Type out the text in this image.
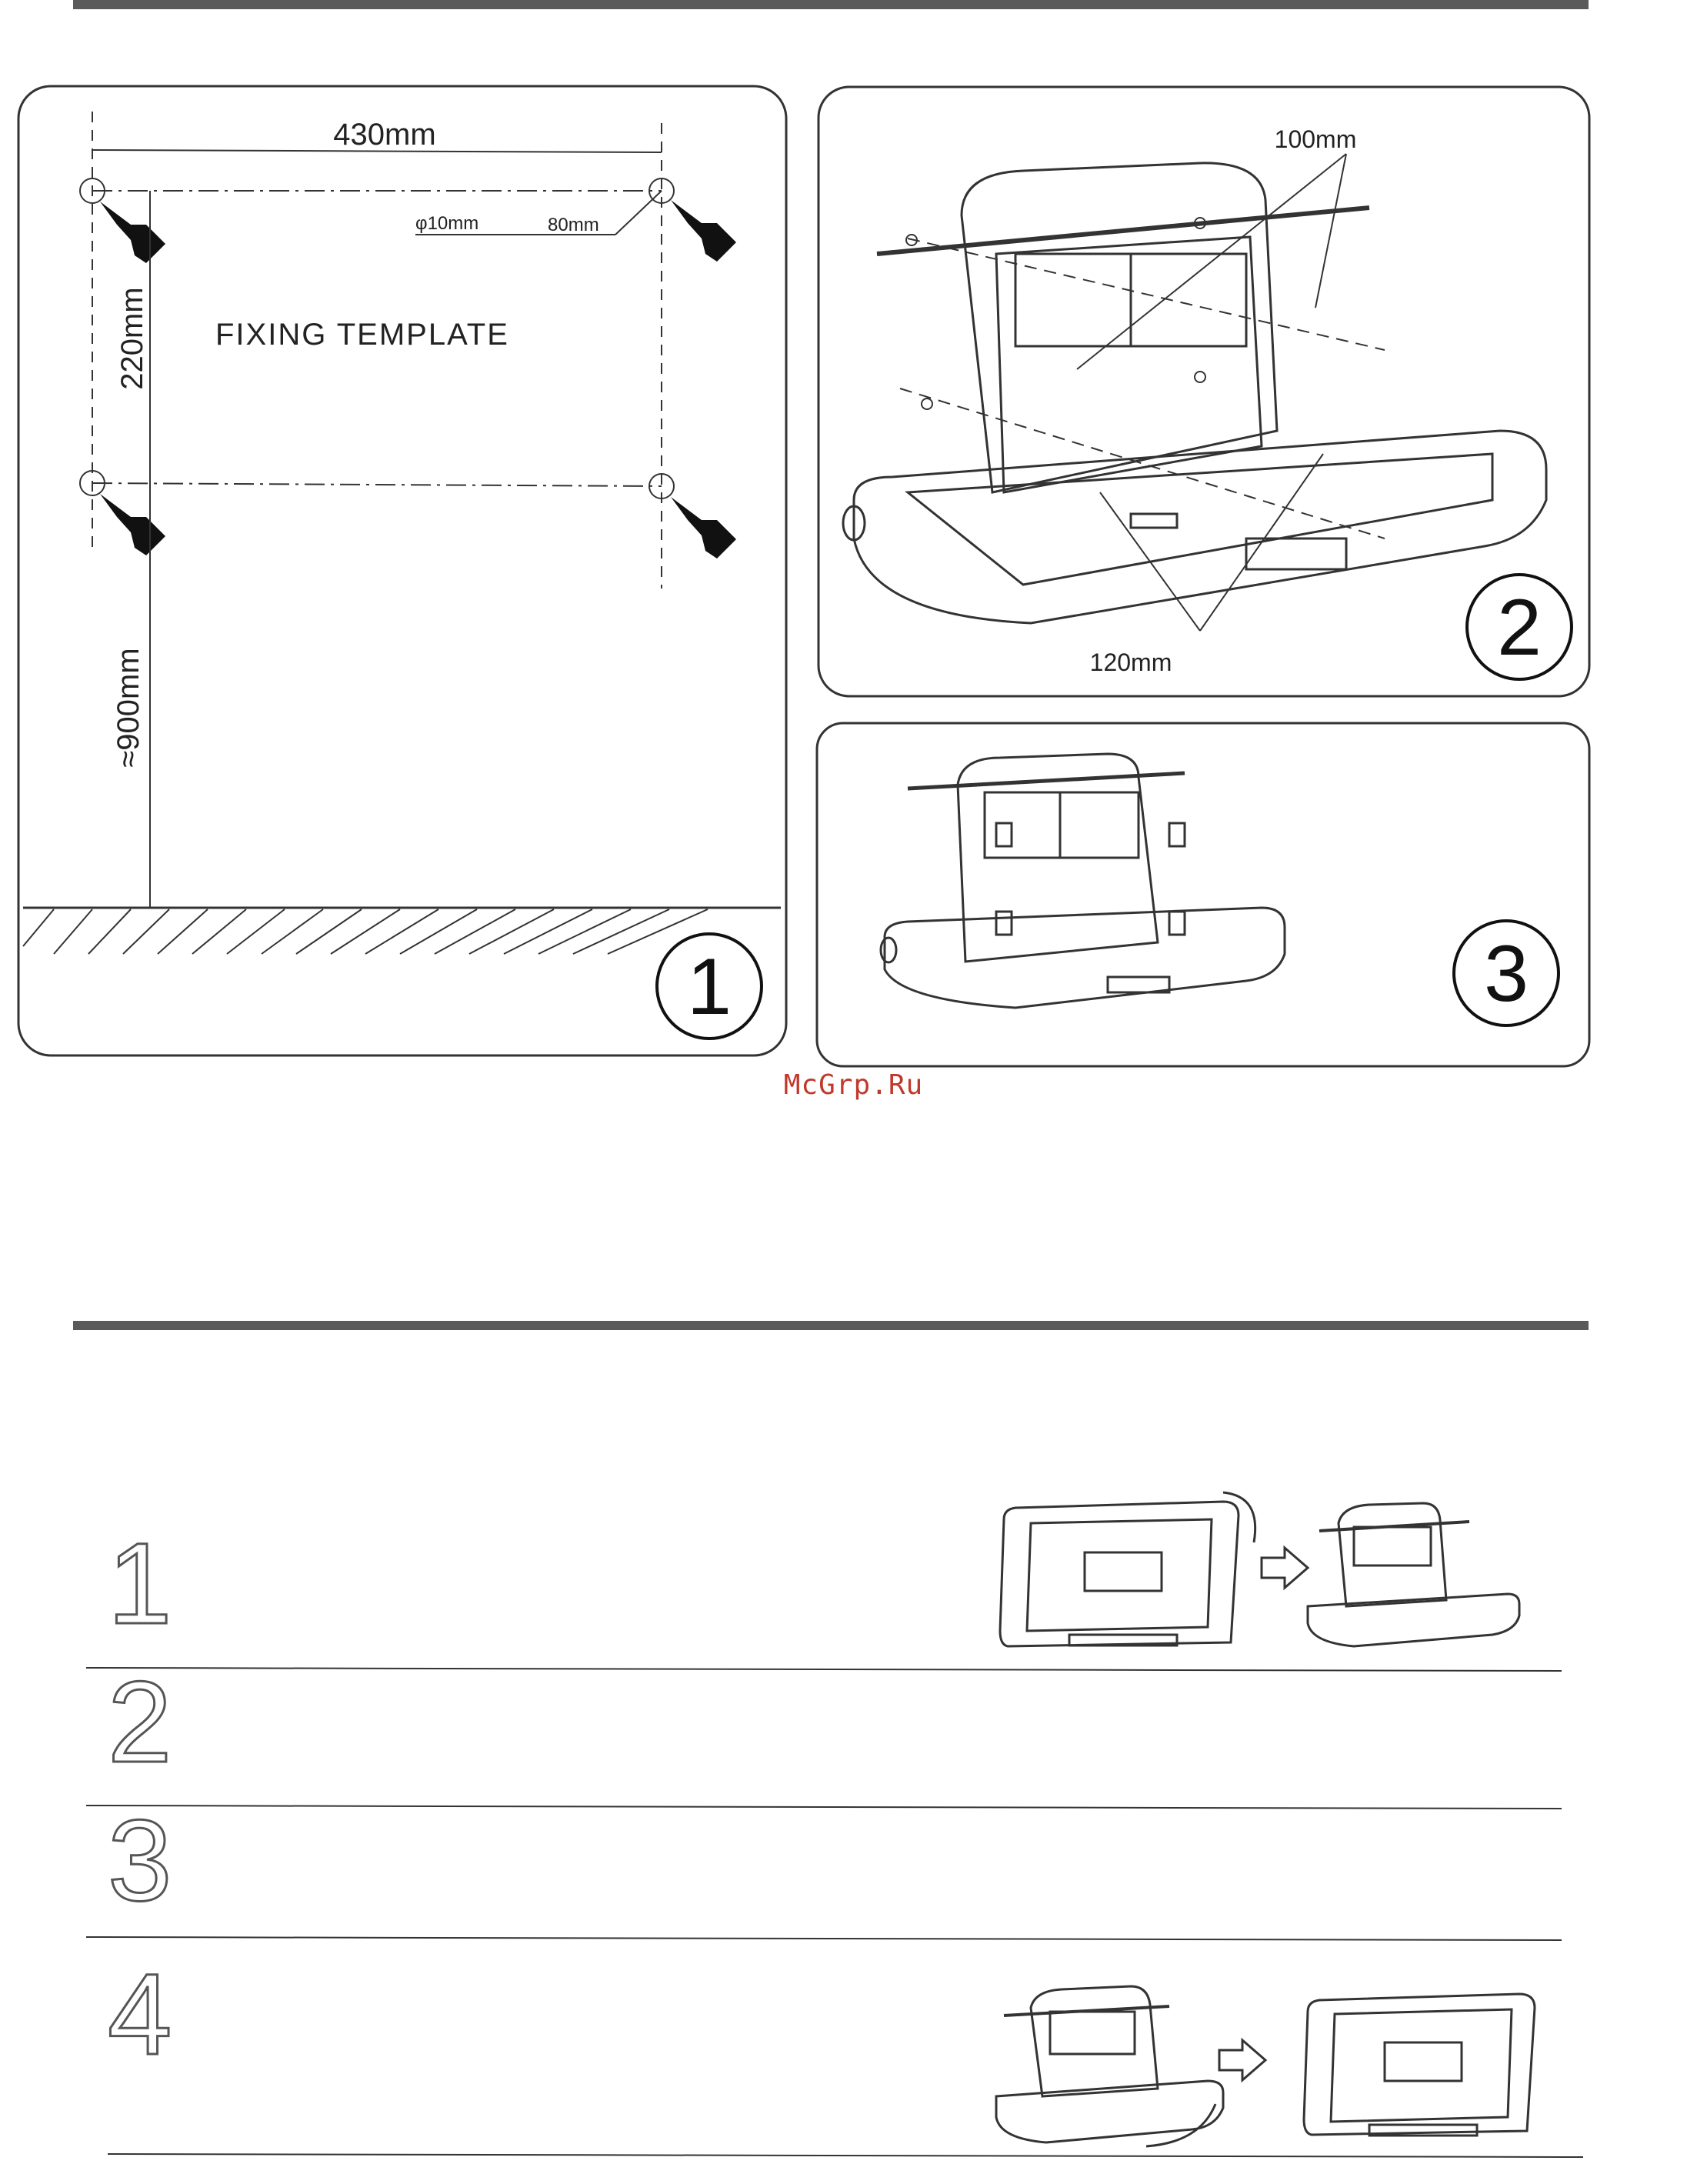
430mm
φ10mm	80mm
220mm FIXING TEMPLATE
≈900mm
1
100mm
120mm	2
3
McGrp.Ru
1
2
3
4
